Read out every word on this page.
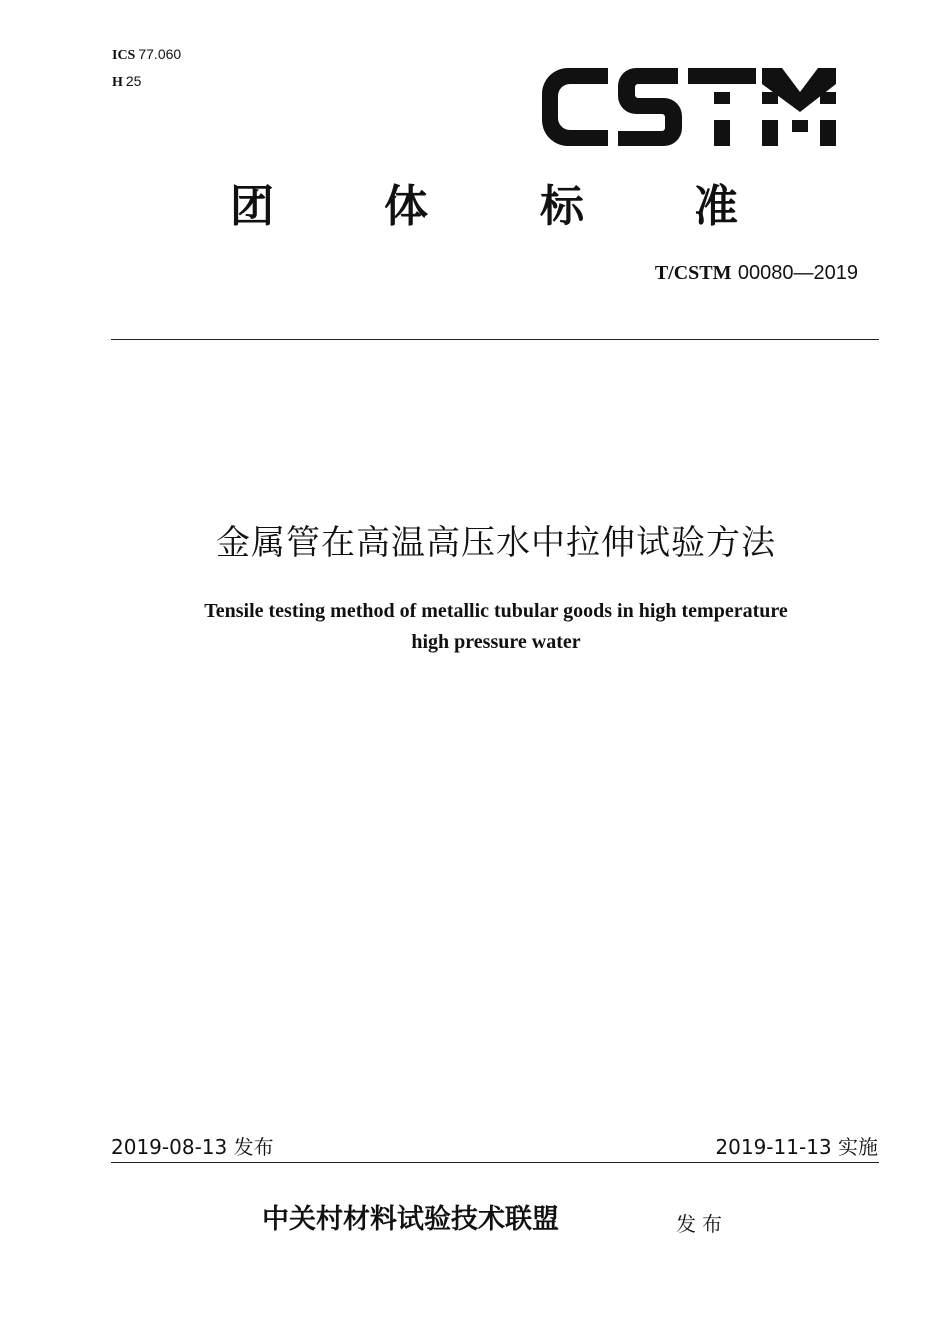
ICS 77.060
H 25
团 体	标 准
T/CSTM 00080—2019
金属管在高温高压水中拉伸试验方法
Tensile testing method of metallic tubular goods in high temperature
high pressure water
2019-08-13 发布	2019-11-13 实施
中关村材料试验技术联盟	发布
